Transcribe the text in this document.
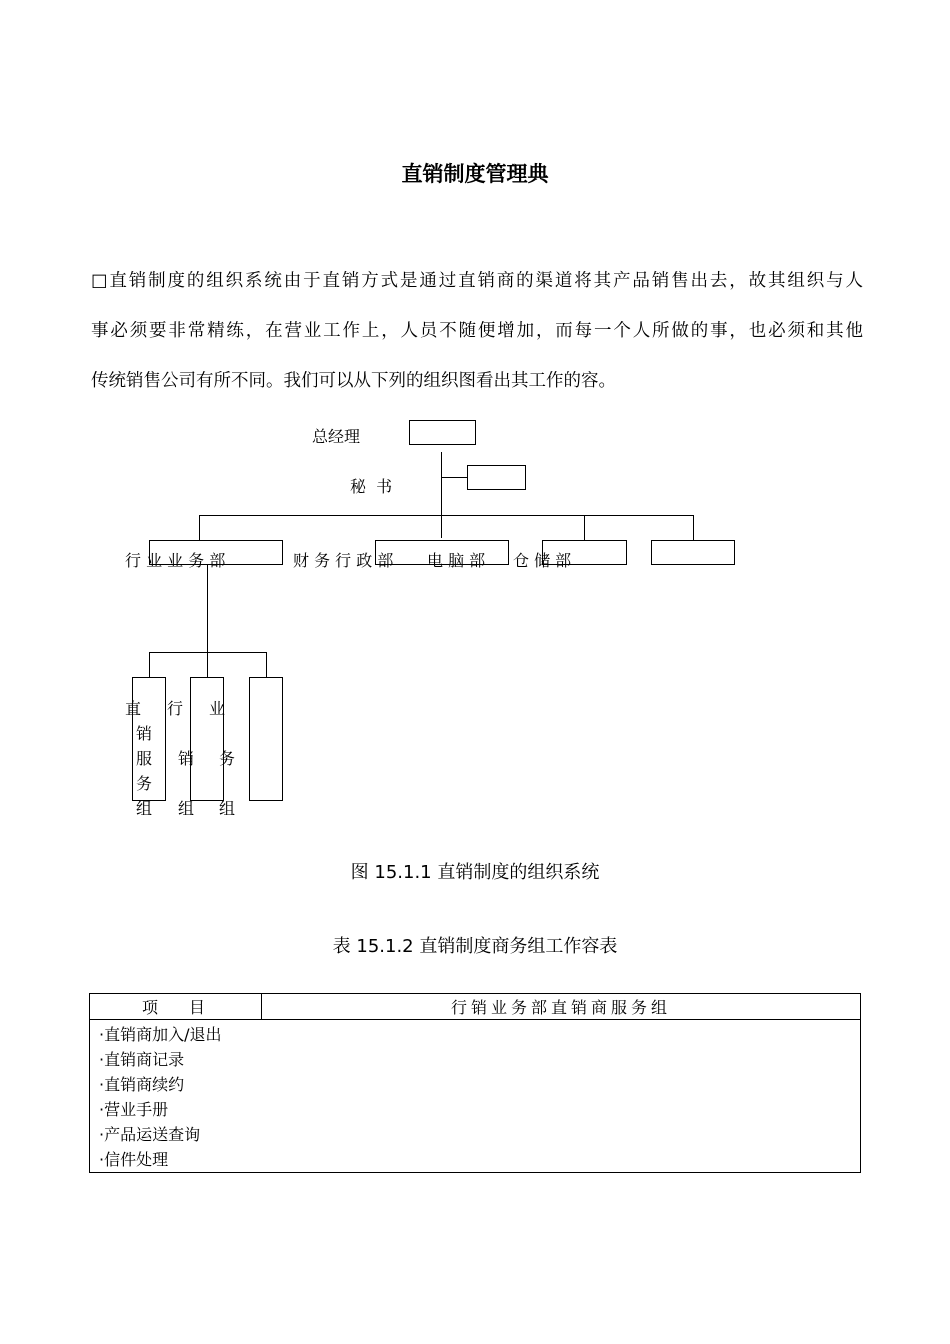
直销制度管理典
□直销制度的组织系统由于直销方式是通过直销商的渠道将其产品销售出去，故其组织与人
事必须要非常精练，在营业工作上，人员不随便增加，而每一个人所做的事，也必须和其他
传统销售公司有所不同。我们可以从下列的组织图看出其工作的容。
总经理
秘  书
行 业 业 务 部	财 务 行 政 部 电 脑 部 仓 储 部
直
销
服
务
组
行
销
组
业
务
组
图 15.1.1 直销制度的组织系统
表 15.1.2 直销制度商务组工作容表
项 目	行销业务部直销商服务组

·直销商加入/退出
·直销商记录
·直销商续约
·营业手册
·产品运送查询
·信件处理
